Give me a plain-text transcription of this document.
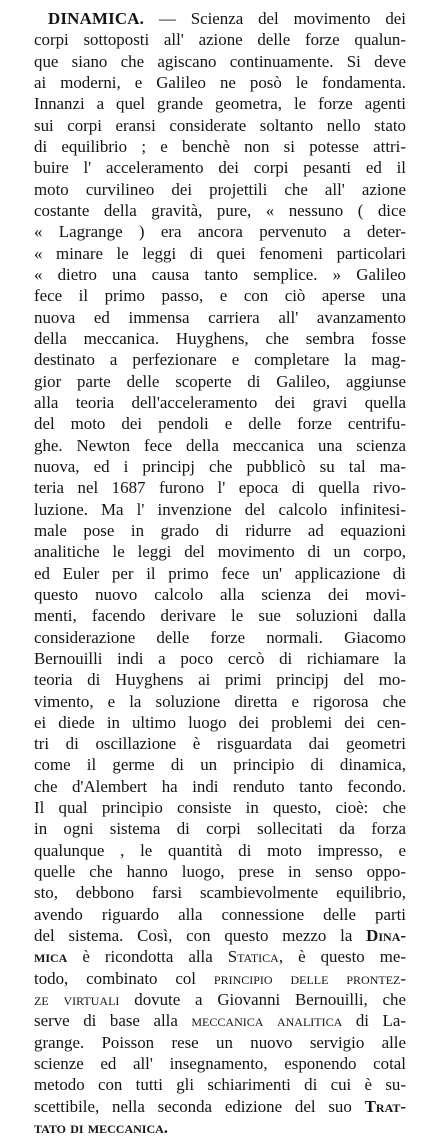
DINAMICA. — Scienza del movimento dei
corpi sottoposti all' azione delle forze qualun-
que siano che agiscano continuamente. Si deve
ai moderni, e Galileo ne posò le fondamenta.
Innanzi a quel grande geometra, le forze agenti
sui corpi eransi considerate soltanto nello stato
di equilibrio ; e benchè non si potesse attri-
buire l' acceleramento dei corpi pesanti ed il
moto curvilineo dei projettili che all' azione
costante della gravità, pure, « nessuno ( dice
« Lagrange ) era ancora pervenuto a deter-
« minare le leggi di quei fenomeni particolari
« dietro una causa tanto semplice. » Galileo
fece il primo passo, e con ciò aperse una
nuova ed immensa carriera all' avanzamento
della meccanica. Huyghens, che sembra fosse
destinato a perfezionare e completare la mag-
gior parte delle scoperte di Galileo, aggiunse
alla teoria dell'acceleramento dei gravi quella
del moto dei pendoli e delle forze centrifu-
ghe. Newton fece della meccanica una scienza
nuova, ed i principj che pubblicò su tal ma-
teria nel 1687 furono l' epoca di quella rivo-
luzione. Ma l' invenzione del calcolo infinitesi-
male pose in grado di ridurre ad equazioni
analitiche le leggi del movimento di un corpo,
ed Euler per il primo fece un' applicazione di
questo nuovo calcolo alla scienza dei movi-
menti, facendo derivare le sue soluzioni dalla
considerazione delle forze normali. Giacomo
Bernouilli indi a poco cercò di richiamare la
teoria di Huyghens ai primi principj del mo-
vimento, e la soluzione diretta e rigorosa che
ei diede in ultimo luogo dei problemi dei cen-
tri di oscillazione è risguardata dai geometri
come il germe di un principio di dinamica,
che d'Alembert ha indi renduto tanto fecondo.
Il qual principio consiste in questo, cioè: che
in ogni sistema di corpi sollecitati da forza
qualunque , le quantità di moto impresso, e
quelle che hanno luogo, prese in senso oppo-
sto, debbono farsi scambievolmente equilibrio,
avendo riguardo alla connessione delle parti
del sistema. Così, con questo mezzo la Dina-
mica è ricondotta alla Statica, è questo me-
todo, combinato col principio delle prontez-
ze virtuali dovute a Giovanni Bernouilli, che
serve di base alla meccanica analitica di La-
grange. Poisson rese un nuovo servigio alle
scienze ed all' insegnamento, esponendo cotal
metodo con tutti gli schiarimenti di cui è su-
scettibile, nella seconda edizione del suo Trat-
tato di meccanica.
